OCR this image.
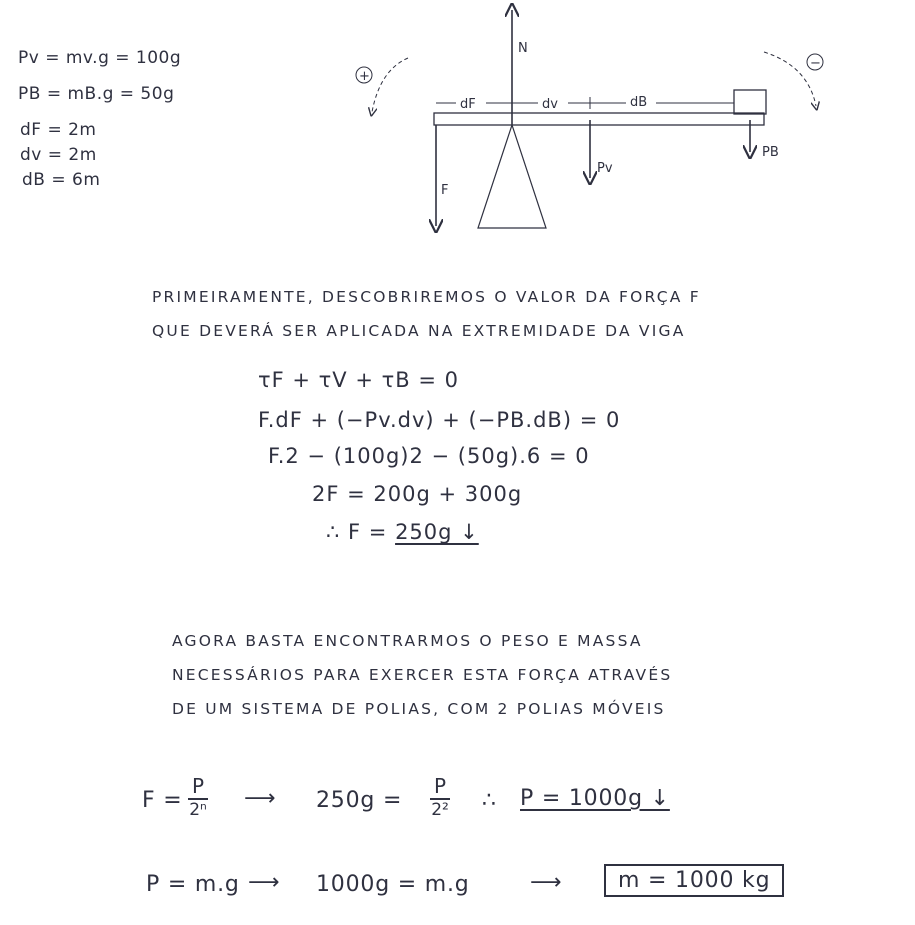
Pv = mv.g = 100g
PB = mB.g = 50g
dF = 2m
dv = 2m
dB = 6m
N
dF	dv	dB
F
Pv
PB
+
−
PRIMEIRAMENTE, DESCOBRIREMOS O VALOR DA FORÇA F
QUE DEVERÁ SER APLICADA NA EXTREMIDADE DA VIGA
τF + τV + τB = 0
F.dF + (−Pv.dv) + (−PB.dB) = 0
F.2 − (100g)2 − (50g).6 = 0
2F = 200g + 300g
∴ F = 250g ↓
AGORA BASTA ENCONTRARMOS O PESO E MASSA
NECESSÁRIOS PARA EXERCER ESTA FORÇA ATRAVÉS
DE UM SISTEMA DE POLIAS, COM 2 POLIAS MÓVEIS
$F = \frac{P}{\text{2ⁿ}}$ ⟶ $250g = \frac{P}{\text{2²}}$ ∴ P = 1000g ↓
P = m.g ⟶ 1000g = m.g	⟶	m = 1000 kg
